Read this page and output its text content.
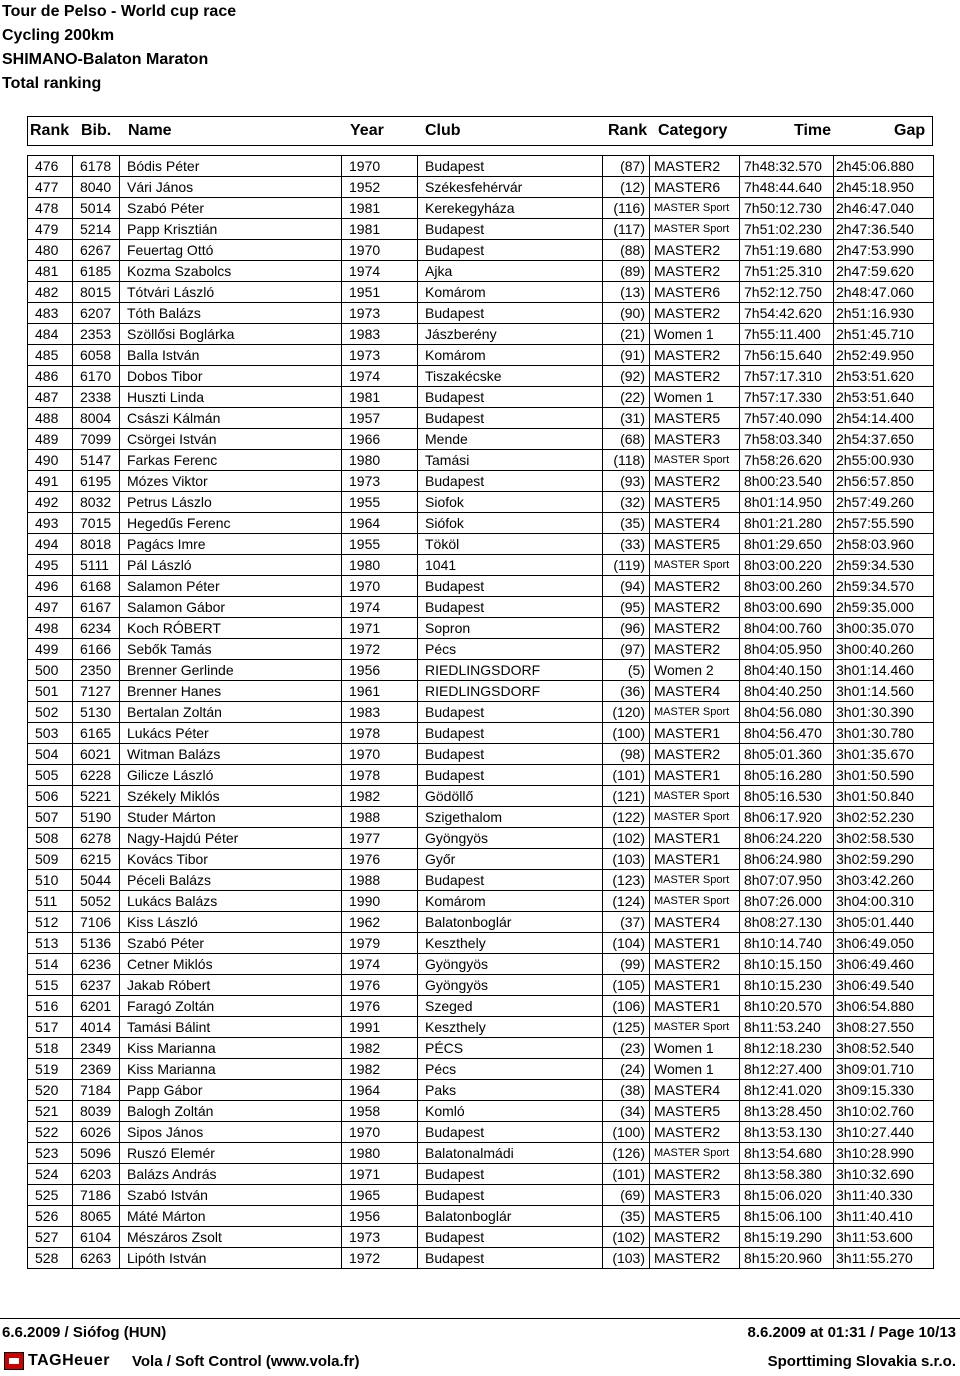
Tour de Pelso - World cup race
Cycling 200km
SHIMANO-Balaton Maraton
Total ranking
Rank Bib. Name	Year	Club	Rank Category	Time	Gap
476	6178	Bódis Péter	1970	Budapest	(87)	MASTER2	7h48:32.570	2h45:06.880
477	8040	Vári János	1952	Székesfehérvár	(12)	MASTER6	7h48:44.640	2h45:18.950
478	5014	Szabó Péter	1981	Kerekegyháza	(116)	MASTER Sport	7h50:12.730	2h46:47.040
479	5214	Papp Krisztián	1981	Budapest	(117)	MASTER Sport	7h51:02.230	2h47:36.540
480	6267	Feuertag Ottó	1970	Budapest	(88)	MASTER2	7h51:19.680	2h47:53.990
481	6185	Kozma Szabolcs	1974	Ajka	(89)	MASTER2	7h51:25.310	2h47:59.620
482	8015	Tótvári László	1951	Komárom	(13)	MASTER6	7h52:12.750	2h48:47.060
483	6207	Tóth Balázs	1973	Budapest	(90)	MASTER2	7h54:42.620	2h51:16.930
484	2353	Szöllősi Boglárka	1983	Jászberény	(21)	Women 1	7h55:11.400	2h51:45.710
485	6058	Balla István	1973	Komárom	(91)	MASTER2	7h56:15.640	2h52:49.950
486	6170	Dobos Tibor	1974	Tiszakécske	(92)	MASTER2	7h57:17.310	2h53:51.620
487	2338	Huszti Linda	1981	Budapest	(22)	Women 1	7h57:17.330	2h53:51.640
488	8004	Császi Kálmán	1957	Budapest	(31)	MASTER5	7h57:40.090	2h54:14.400
489	7099	Csörgei István	1966	Mende	(68)	MASTER3	7h58:03.340	2h54:37.650
490	5147	Farkas Ferenc	1980	Tamási	(118)	MASTER Sport	7h58:26.620	2h55:00.930
491	6195	Mózes Viktor	1973	Budapest	(93)	MASTER2	8h00:23.540	2h56:57.850
492	8032	Petrus Lászlo	1955	Siofok	(32)	MASTER5	8h01:14.950	2h57:49.260
493	7015	Hegedűs Ferenc	1964	Siófok	(35)	MASTER4	8h01:21.280	2h57:55.590
494	8018	Pagács Imre	1955	Tököl	(33)	MASTER5	8h01:29.650	2h58:03.960
495	5111	Pál László	1980	1041	(119)	MASTER Sport	8h03:00.220	2h59:34.530
496	6168	Salamon Péter	1970	Budapest	(94)	MASTER2	8h03:00.260	2h59:34.570
497	6167	Salamon Gábor	1974	Budapest	(95)	MASTER2	8h03:00.690	2h59:35.000
498	6234	Koch RÓBERT	1971	Sopron	(96)	MASTER2	8h04:00.760	3h00:35.070
499	6166	Sebők Tamás	1972	Pécs	(97)	MASTER2	8h04:05.950	3h00:40.260
500	2350	Brenner Gerlinde	1956	RIEDLINGSDORF	(5)	Women 2	8h04:40.150	3h01:14.460
501	7127	Brenner Hanes	1961	RIEDLINGSDORF	(36)	MASTER4	8h04:40.250	3h01:14.560
502	5130	Bertalan Zoltán	1983	Budapest	(120)	MASTER Sport	8h04:56.080	3h01:30.390
503	6165	Lukács Péter	1978	Budapest	(100)	MASTER1	8h04:56.470	3h01:30.780
504	6021	Witman Balázs	1970	Budapest	(98)	MASTER2	8h05:01.360	3h01:35.670
505	6228	Gilicze László	1978	Budapest	(101)	MASTER1	8h05:16.280	3h01:50.590
506	5221	Székely Miklós	1982	Gödöllő	(121)	MASTER Sport	8h05:16.530	3h01:50.840
507	5190	Studer Márton	1988	Szigethalom	(122)	MASTER Sport	8h06:17.920	3h02:52.230
508	6278	Nagy-Hajdú Péter	1977	Gyöngyös	(102)	MASTER1	8h06:24.220	3h02:58.530
509	6215	Kovács Tibor	1976	Győr	(103)	MASTER1	8h06:24.980	3h02:59.290
510	5044	Péceli Balázs	1988	Budapest	(123)	MASTER Sport	8h07:07.950	3h03:42.260
511	5052	Lukács Balázs	1990	Komárom	(124)	MASTER Sport	8h07:26.000	3h04:00.310
512	7106	Kiss László	1962	Balatonboglár	(37)	MASTER4	8h08:27.130	3h05:01.440
513	5136	Szabó Péter	1979	Keszthely	(104)	MASTER1	8h10:14.740	3h06:49.050
514	6236	Cetner Miklós	1974	Gyöngyös	(99)	MASTER2	8h10:15.150	3h06:49.460
515	6237	Jakab Róbert	1976	Gyöngyös	(105)	MASTER1	8h10:15.230	3h06:49.540
516	6201	Faragó Zoltán	1976	Szeged	(106)	MASTER1	8h10:20.570	3h06:54.880
517	4014	Tamási Bálint	1991	Keszthely	(125)	MASTER Sport	8h11:53.240	3h08:27.550
518	2349	Kiss Marianna	1982	PÉCS	(23)	Women 1	8h12:18.230	3h08:52.540
519	2369	Kiss Marianna	1982	Pécs	(24)	Women 1	8h12:27.400	3h09:01.710
520	7184	Papp Gábor	1964	Paks	(38)	MASTER4	8h12:41.020	3h09:15.330
521	8039	Balogh Zoltán	1958	Komló	(34)	MASTER5	8h13:28.450	3h10:02.760
522	6026	Sipos János	1970	Budapest	(100)	MASTER2	8h13:53.130	3h10:27.440
523	5096	Ruszó Elemér	1980	Balatonalmádi	(126)	MASTER Sport	8h13:54.680	3h10:28.990
524	6203	Balázs András	1971	Budapest	(101)	MASTER2	8h13:58.380	3h10:32.690
525	7186	Szabó István	1965	Budapest	(69)	MASTER3	8h15:06.020	3h11:40.330
526	8065	Máté Márton	1956	Balatonboglár	(35)	MASTER5	8h15:06.100	3h11:40.410
527	6104	Mészáros Zsolt	1973	Budapest	(102)	MASTER2	8h15:19.290	3h11:53.600
528	6263	Lipóth István	1972	Budapest	(103)	MASTER2	8h15:20.960	3h11:55.270
6.6.2009 / Siófog (HUN)	8.6.2009 at 01:31 / Page 10/13
TAGHeuer Vola / Soft Control (www.vola.fr)	Sporttiming Slovakia s.r.o.
